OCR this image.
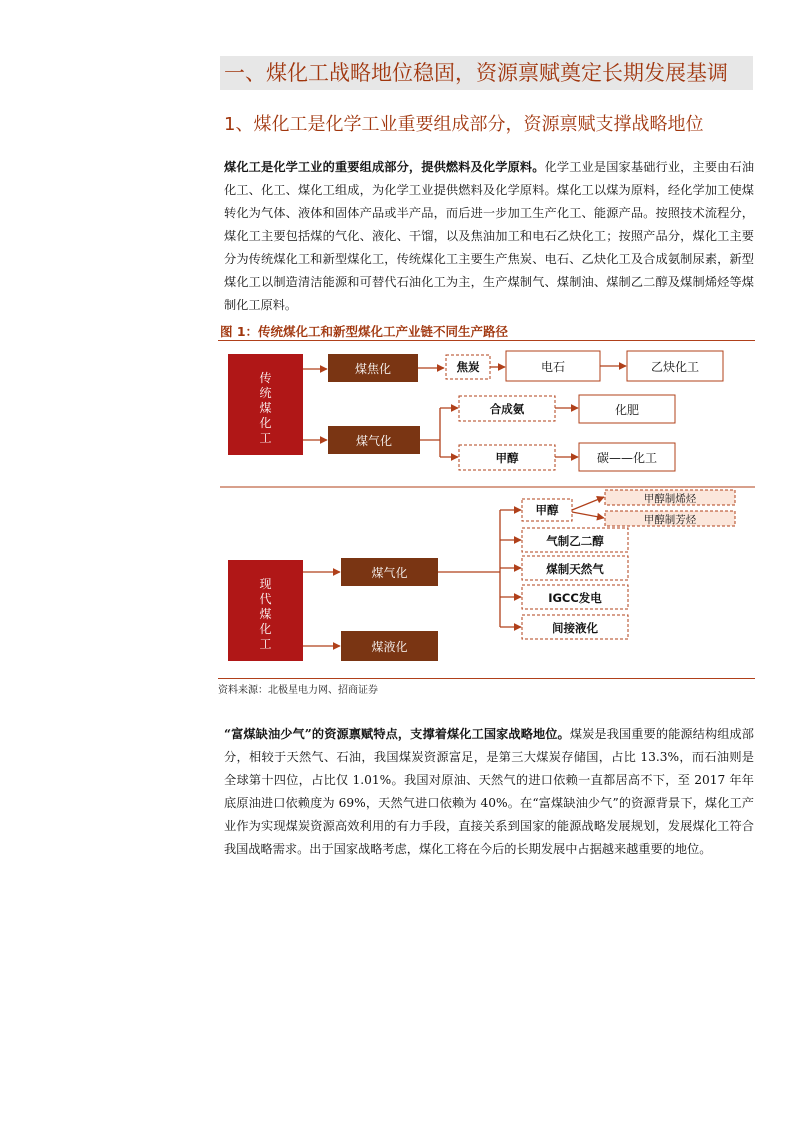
一、煤化工战略地位稳固，资源禀赋奠定长期发展基调
1、煤化工是化学工业重要组成部分，资源禀赋支撑战略地位

煤化工是化学工业的重要组成部分，提供燃料及化学原料。化学工业是国家基础行业，主要由石油化工、化工、煤化工组成，为化学工业提供燃料及化学原料。煤化工以煤为原料，经化学加工使煤转化为气体、液体和固体产品或半产品，而后进一步加工生产化工、能源产品。按照技术流程分，煤化工主要包括煤的气化、液化、干馏，以及焦油加工和电石乙炔化工；按照产品分，煤化工主要分为传统煤化工和新型煤化工，传统煤化工主要生产焦炭、电石、乙炔化工及合成氨制尿素，新型煤化工以制造清洁能源和可替代石油化工为主，生产煤制气、煤制油、煤制乙二醇及煤制烯烃等煤制化工原料。

图 1：传统煤化工和新型煤化工产业链不同生产路径
传
统
煤
化
工
煤焦化	焦炭	电石	乙炔化工
煤气化
合成氨	化肥
甲醇	碳——化工
现
代
煤
化
工
煤气化
煤液化
甲醇
甲醇制烯烃
甲醇制芳烃
气制乙二醇
煤制天然气
IGCC发电
间接液化
资料来源：北极星电力网、招商证券

“富煤缺油少气”的资源禀赋特点，支撑着煤化工国家战略地位。煤炭是我国重要的能源结构组成部分，相较于天然气、石油，我国煤炭资源富足，是第三大煤炭存储国，占比 13.3%，而石油则是全球第十四位，占比仅 1.01%。我国对原油、天然气的进口依赖一直都居高不下，至 2017 年年底原油进口依赖度为 69%，天然气进口依赖为 40%。在“富煤缺油少气”的资源背景下，煤化工产业作为实现煤炭资源高效利用的有力手段，直接关系到国家的能源战略发展规划，发展煤化工符合我国战略需求。出于国家战略考虑，煤化工将在今后的长期发展中占据越来越重要的地位。
